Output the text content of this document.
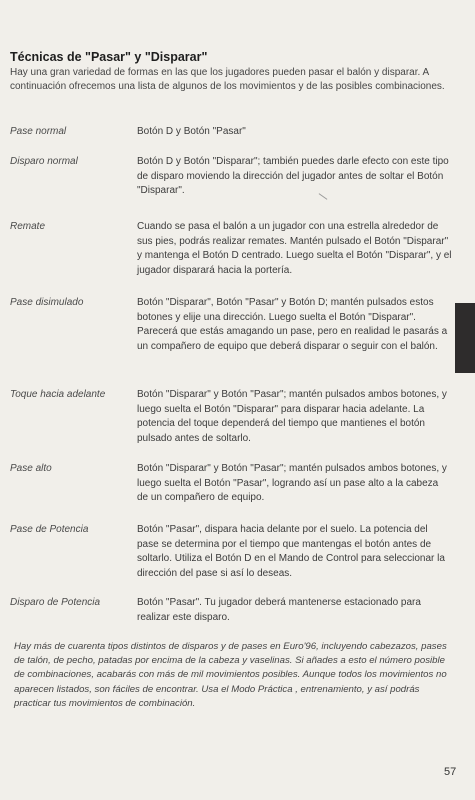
Técnicas de "Pasar" y "Disparar"
Hay una gran variedad de formas en las que los jugadores pueden pasar el balón y disparar. A continuación ofrecemos una lista de algunos de los movimientos y de las posibles combinaciones.
Pase normal	Botón D y Botón "Pasar"
Disparo normal	Botón D y Botón "Disparar"; también puedes darle efecto con este tipo de disparo moviendo la dirección del jugador antes de soltar el Botón "Disparar".
Remate	Cuando se pasa el balón a un jugador con una estrella alrededor de sus pies, podrás realizar remates. Mantén pulsado el Botón "Disparar" y mantenga el Botón D centrado. Luego suelta el Botón "Disparar", y el jugador disparará hacia la portería.
Pase disimulado	Botón "Disparar", Botón "Pasar" y Botón D; mantén pulsados estos botones y elije una dirección. Luego suelta el Botón "Disparar". Parecerá que estás amagando un pase, pero en realidad le pasarás a un compañero de equipo que deberá disparar o seguir con el balón.
Toque hacia adelante	Botón "Disparar" y Botón "Pasar"; mantén pulsados ambos botones, y luego suelta el Botón "Disparar" para disparar hacia adelante. La potencia del toque dependerá del tiempo que mantienes el botón pulsado antes de soltarlo.
Pase alto	Botón "Disparar" y Botón "Pasar"; mantén pulsados ambos botones, y luego suelta el Botón "Pasar", logrando así un pase alto a la cabeza de un compañero de equipo.
Pase de Potencia	Botón "Pasar", dispara hacia delante por el suelo. La potencia del pase se determina por el tiempo que mantengas el botón antes de soltarlo. Utiliza el Botón D en el Mando de Control para seleccionar la dirección del pase si así lo deseas.
Disparo de Potencia	Botón "Pasar". Tu jugador deberá mantenerse estacionado para realizar este disparo.
Hay más de cuarenta tipos distintos de disparos y de pases en Euro'96, incluyendo cabezazos, pases de talón, de pecho, patadas por encima de la cabeza y vaselinas. Si añades a esto el número posible de combinaciones, acabarás con más de mil movimientos posibles. Aunque todos los movimientos no aparecen listados, son fáciles de encontrar. Usa el Modo Práctica , entrenamiento, y así podrás practicar tus movimientos de combinación.
57
